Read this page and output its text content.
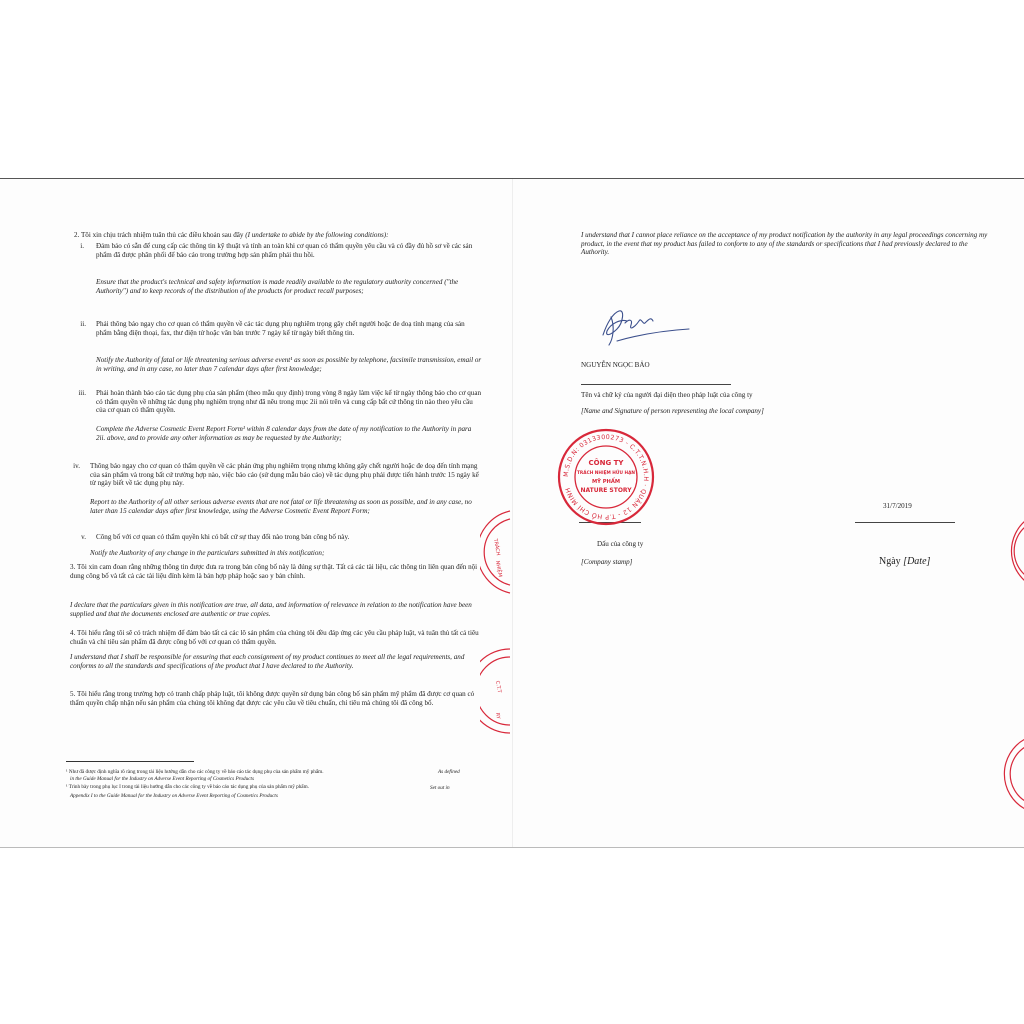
2. Tôi xin chịu trách nhiệm tuân thủ các điều khoản sau đây (I undertake to abide by the following conditions):
i. Đảm bảo có sẵn để cung cấp các thông tin kỹ thuật và tính an toàn khi cơ quan có thẩm quyền yêu cầu và có đầy đủ hồ sơ về các sản phẩm đã được phân phối để báo cáo trong trường hợp sản phẩm phải thu hồi.
Ensure that the product's technical and safety information is made readily available to the regulatory authority concerned ("the Authority") and to keep records of the distribution of the products for product recall purposes;
ii. Phải thông báo ngay cho cơ quan có thẩm quyền về các tác dụng phụ nghiêm trọng gây chết người hoặc đe doạ tính mạng của sản phẩm bằng điện thoại, fax, thư điện tử hoặc văn bản trước 7 ngày kể từ ngày biết thông tin.
Notify the Authority of fatal or life threatening serious adverse event¹ as soon as possible by telephone, facsimile transmission, email or in writing, and in any case, no later than 7 calendar days after first knowledge;
iii. Phải hoàn thành báo cáo tác dụng phụ của sản phẩm (theo mẫu quy định) trong vòng 8 ngày làm việc kể từ ngày thông báo cho cơ quan có thẩm quyền về những tác dụng phụ nghiêm trọng như đã nêu trong mục 2ii nói trên và cung cấp bất cứ thông tin nào theo yêu cầu của cơ quan có thẩm quyền.
Complete the Adverse Cosmetic Event Report Form¹ within 8 calendar days from the date of my notification to the Authority in para 2ii. above, and to provide any other information as may be requested by the Authority;
iv. Thông báo ngay cho cơ quan có thẩm quyền về các phản ứng phụ nghiêm trọng nhưng không gây chết người hoặc đe doạ đến tính mạng của sản phẩm và trong bất cứ trường hợp nào, việc báo cáo (sử dụng mẫu báo cáo) về tác dụng phụ phải được tiến hành trước 15 ngày kể từ ngày biết về tác dụng phụ này.
Report to the Authority of all other serious adverse events that are not fatal or life threatening as soon as possible, and in any case, no later than 15 calendar days after first knowledge, using the Adverse Cosmetic Event Report Form;
v. Công bố với cơ quan có thẩm quyền khi có bất cứ sự thay đổi nào trong bản công bố này.
Notify the Authority of any change in the particulars submitted in this notification;
3. Tôi xin cam đoan rằng những thông tin được đưa ra trong bản công bố này là đúng sự thật. Tất cả các tài liệu, các thông tin liên quan đến nội dung công bố và tất cả các tài liệu đính kèm là bản hợp pháp hoặc sao y bản chính.
I declare that the particulars given in this notification are true, all data, and information of relevance in relation to the notification have been supplied and that the documents enclosed are authentic or true copies.
4. Tôi hiểu rằng tôi sẽ có trách nhiệm để đảm bảo tất cả các lô sản phẩm của chúng tôi đều đáp ứng các yêu cầu pháp luật, và tuân thủ tất cả tiêu chuẩn và chỉ tiêu sản phẩm đã được công bố với cơ quan có thẩm quyền.
I understand that I shall be responsible for ensuring that each consignment of my product continues to meet all the legal requirements, and conforms to all the standards and specifications of the product that I have declared to the Authority.
5. Tôi hiểu rằng trong trường hợp có tranh chấp pháp luật, tôi không được quyền sử dụng bản công bố sản phẩm mỹ phẩm đã được cơ quan có thẩm quyền chấp nhận nếu sản phẩm của chúng tôi không đạt được các yêu cầu về tiêu chuẩn, chỉ tiêu mà chúng tôi đã công bố.
¹ Như đã được định nghĩa rõ ràng trong tài liệu hướng dẫn cho các công ty về báo cáo tác dụng phụ của sản phẩm mỹ phẩm.	As defined
in the Guide Manual for the Industry on Adverse Event Reporting of Cosmetics Products
¹ Trình bày trong phụ lục I trong tài liệu hướng dẫn cho các công ty về báo cáo tác dụng phụ của sản phẩm mỹ phẩm.	Set out in
Appendix I to the Guide Manual for the Industry on Adverse Event Reporting of Cosmetics Products
TRÁCH
NHIỆM
C.T.T
RY
I understand that I cannot place reliance on the acceptance of my product notification by the authority in any legal proceedings concerning my product, in the event that my product has failed to conform to any of the standards or specifications that I had previously declared to the Authority.
NGUYỄN NGỌC BẢO
Tên và chữ ký của người đại diện theo pháp luật của công ty
[Name and Signature of person representing the local company]
31/7/2019
Dấu của công ty
[Company stamp]	Ngày [Date]
M.S.D.N: 0313300273 - C.T.T.N.H.H · QUẬN 12 - T.P HỒ CHÍ MINH
CÔNG TY
TRÁCH NHIỆM HỮU HẠN
MỸ PHẨM
NATURE STORY
